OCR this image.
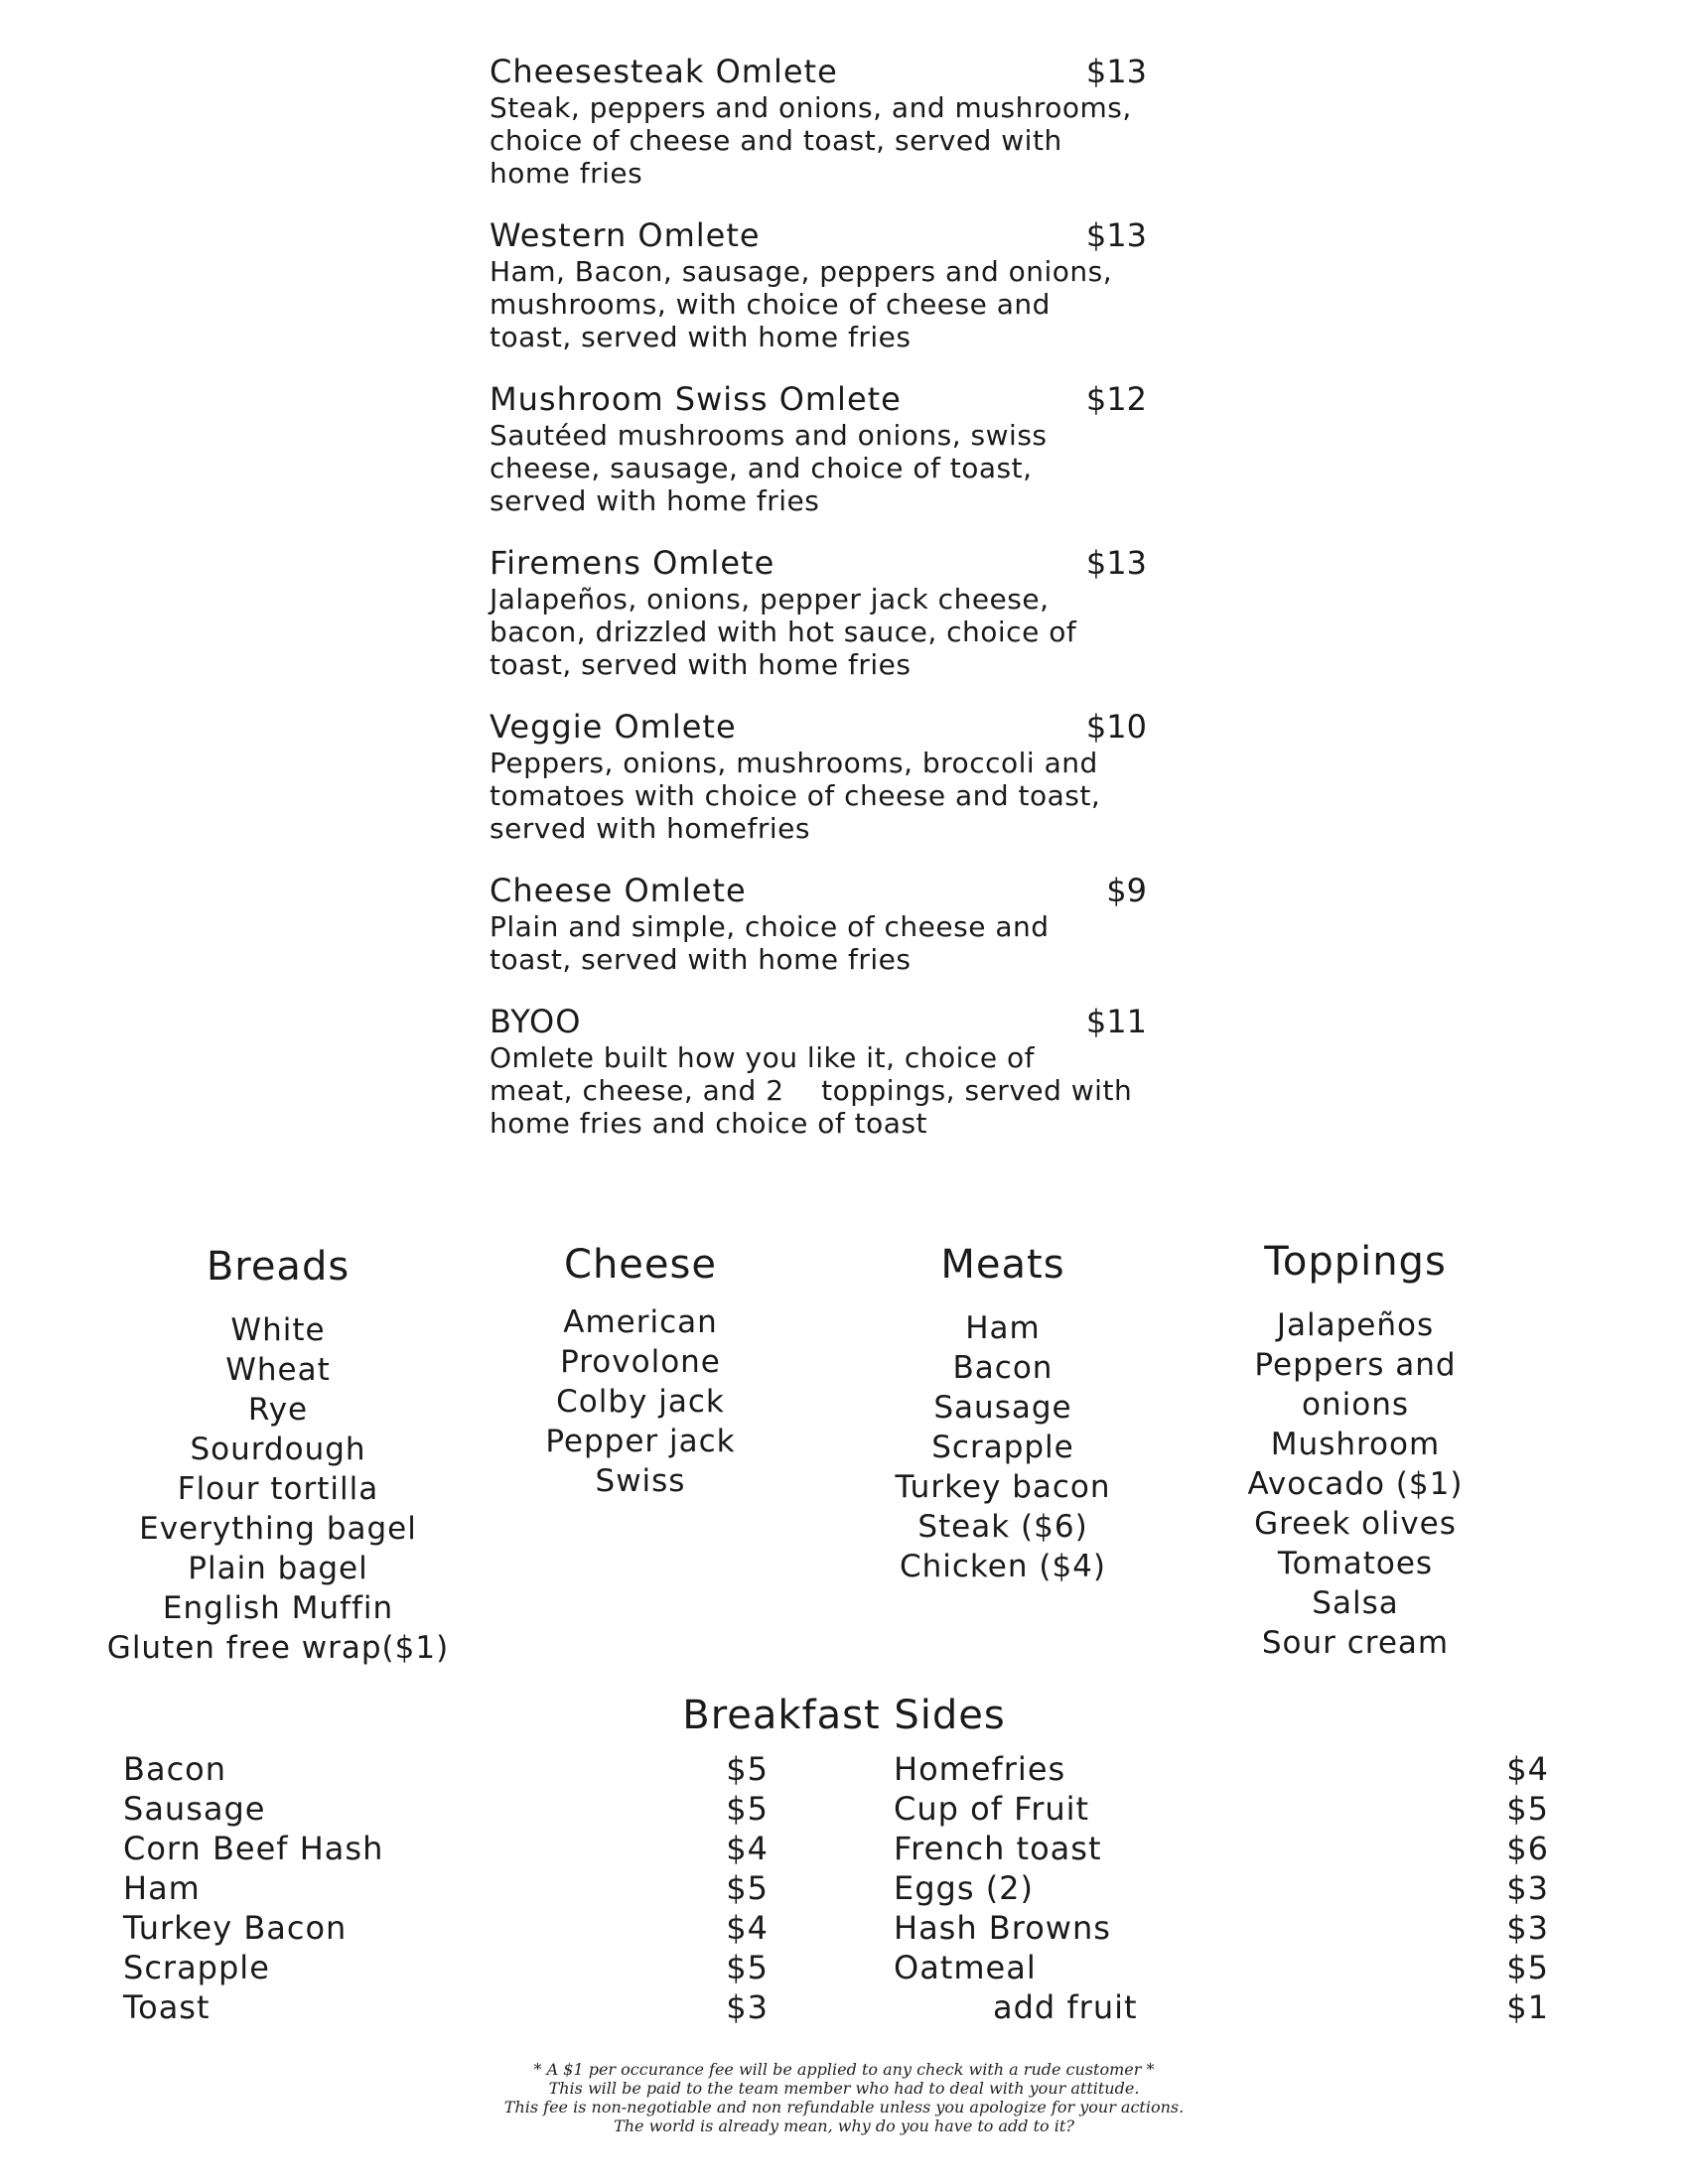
Cheesesteak Omlete	$13
Steak, peppers and onions, and mushrooms,
choice of cheese and toast, served with
home fries
Western Omlete	$13
Ham, Bacon, sausage, peppers and onions,
mushrooms, with choice of cheese and
toast, served with home fries
Mushroom Swiss Omlete	$12
Sautéed mushrooms and onions, swiss
cheese, sausage, and choice of toast,
served with home fries
Firemens Omlete	$13
Jalapeños, onions, pepper jack cheese,
bacon, drizzled with hot sauce, choice of
toast, served with home fries
Veggie Omlete	$10
Peppers, onions, mushrooms, broccoli and
tomatoes with choice of cheese and toast,
served with homefries
Cheese Omlete	$9
Plain and simple, choice of cheese and
toast, served with home fries
BYOO	$11
Omlete built how you like it, choice of
meat, cheese, and 2    toppings, served with
home fries and choice of toast
Breads
White
Wheat
Rye
Sourdough
Flour tortilla
Everything bagel
Plain bagel
English Muffin
Gluten free wrap($1)
Cheese
American
Provolone
Colby jack
Pepper jack
Swiss
Meats
Ham
Bacon
Sausage
Scrapple
Turkey bacon
Steak ($6)
Chicken ($4)
Toppings
Jalapeños
Peppers and
onions
Mushroom
Avocado ($1)
Greek olives
Tomatoes
Salsa
Sour cream
Breakfast Sides
Bacon	$5
Sausage	$5
Corn Beef Hash	$4
Ham	$5
Turkey Bacon	$4
Scrapple	$5
Toast	$3
Homefries	$4
Cup of Fruit	$5
French toast	$6
Eggs (2)	$3
Hash Browns	$3
Oatmeal	$5
add fruit	$1
* A $1 per occurance fee will be applied to any check with a rude customer *
This will be paid to the team member who had to deal with your attitude.
This fee is non-negotiable and non refundable unless you apologize for your actions.
The world is already mean, why do you have to add to it?
